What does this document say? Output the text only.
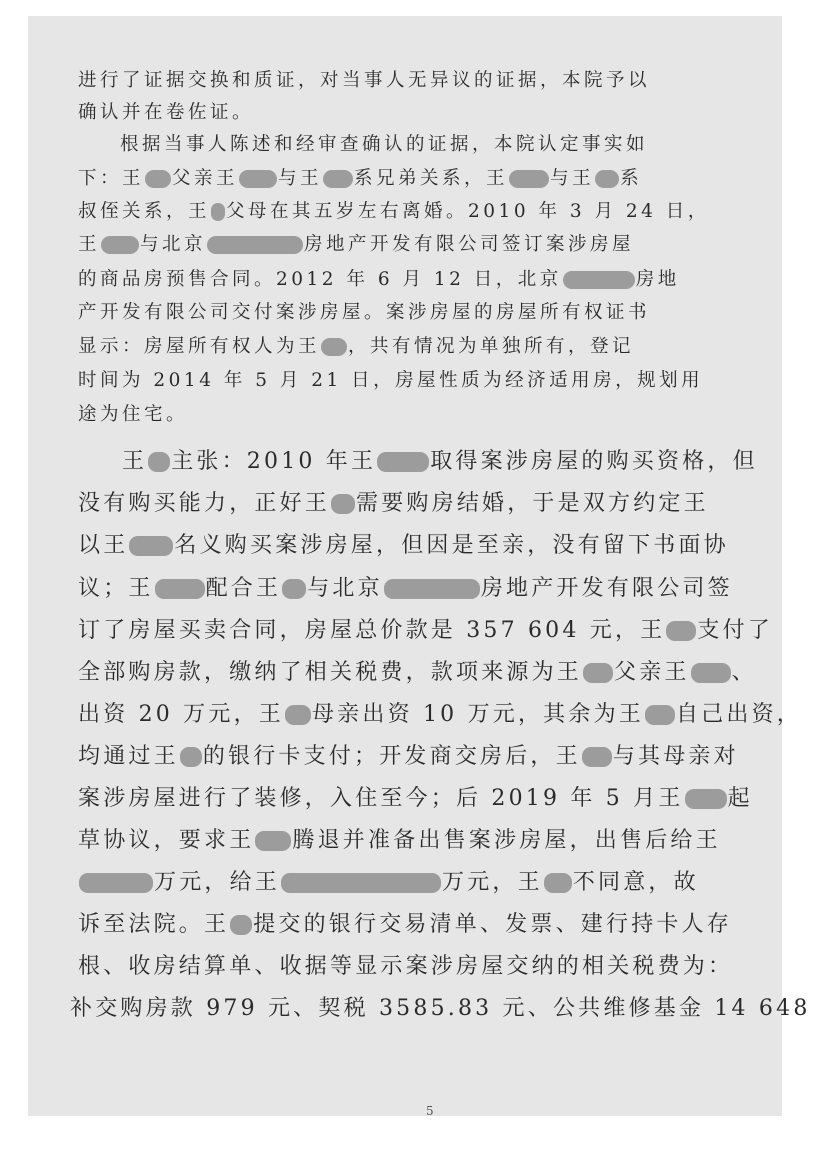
进行了证据交换和质证，对当事人无异议的证据，本院予以
确认并在卷佐证。
根据当事人陈述和经审查确认的证据，本院认定事实如
下：王 父亲王 与王 系兄弟关系，王 与王 系
叔侄关系，王 父母在其五岁左右离婚。2010 年 3 月 24 日，
王 与北京	房地产开发有限公司签订案涉房屋
的商品房预售合同。2012 年 6 月 12 日，北京	房地
产开发有限公司交付案涉房屋。案涉房屋的房屋所有权证书
显示：房屋所有权人为王 ，共有情况为单独所有，登记
时间为 2014 年 5 月 21 日，房屋性质为经济适用房，规划用
途为住宅。
王 主张：2010 年王 取得案涉房屋的购买资格，但
没有购买能力，正好王 需要购房结婚，于是双方约定王
以王 名义购买案涉房屋，但因是至亲，没有留下书面协
议；王 配合王 与北京	房地产开发有限公司签
订了房屋买卖合同，房屋总价款是 357 604 元，王 支付了
全部购房款，缴纳了相关税费，款项来源为王 父亲王 、
出资 20 万元，王 母亲出资 10 万元，其余为王 自己出资，
均通过王 的银行卡支付；开发商交房后，王 与其母亲对
案涉房屋进行了装修，入住至今；后 2019 年 5 月王 起
草协议，要求王 腾退并准备出售案涉房屋，出售后给王
万元，给王	万元，王 不同意，故
诉至法院。王 提交的银行交易清单、发票、建行持卡人存
根、收房结算单、收据等显示案涉房屋交纳的相关税费为：
补交购房款 979 元、契税 3585.83 元、公共维修基金 14 648
5
